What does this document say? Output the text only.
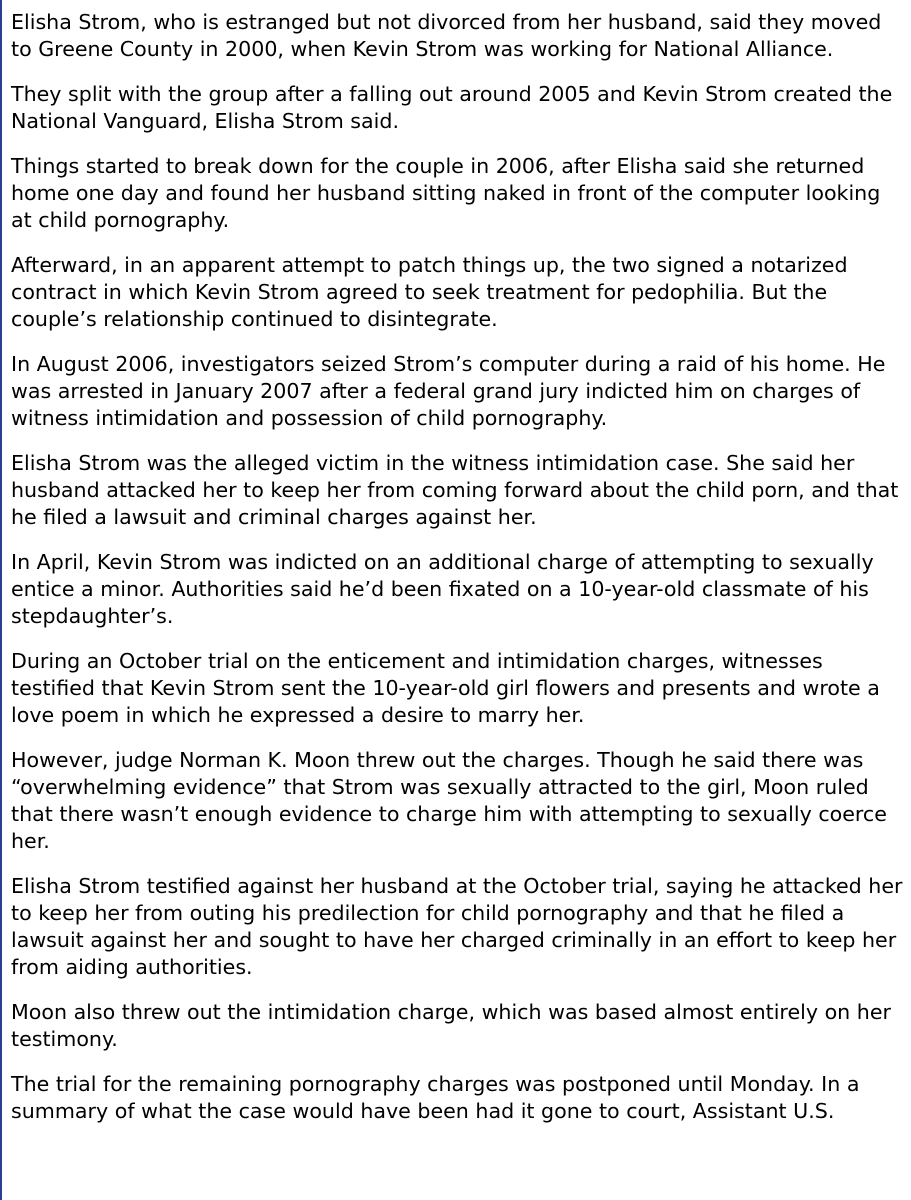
Elisha Strom, who is estranged but not divorced from her husband, said they moved to Greene County in 2000, when Kevin Strom was working for National Alliance.

They split with the group after a falling out around 2005 and Kevin Strom created the National Vanguard, Elisha Strom said.

Things started to break down for the couple in 2006, after Elisha said she returned home one day and found her husband sitting naked in front of the computer looking at child pornography.

Afterward, in an apparent attempt to patch things up, the two signed a notarized contract in which Kevin Strom agreed to seek treatment for pedophilia. But the couple’s relationship continued to disintegrate.

In August 2006, investigators seized Strom’s computer during a raid of his home. He was arrested in January 2007 after a federal grand jury indicted him on charges of witness intimidation and possession of child pornography.

Elisha Strom was the alleged victim in the witness intimidation case. She said her husband attacked her to keep her from coming forward about the child porn, and that he filed a lawsuit and criminal charges against her.

In April, Kevin Strom was indicted on an additional charge of attempting to sexually entice a minor. Authorities said he’d been fixated on a 10-year-old classmate of his stepdaughter’s.

During an October trial on the enticement and intimidation charges, witnesses testified that Kevin Strom sent the 10-year-old girl flowers and presents and wrote a love poem in which he expressed a desire to marry her.

However, judge Norman K. Moon threw out the charges. Though he said there was “overwhelming evidence” that Strom was sexually attracted to the girl, Moon ruled that there wasn’t enough evidence to charge him with attempting to sexually coerce her.

Elisha Strom testified against her husband at the October trial, saying he attacked her to keep her from outing his predilection for child pornography and that he filed a lawsuit against her and sought to have her charged criminally in an effort to keep her from aiding authorities.

Moon also threw out the intimidation charge, which was based almost entirely on her testimony.

The trial for the remaining pornography charges was postponed until Monday. In a summary of what the case would have been had it gone to court, Assistant U.S.
